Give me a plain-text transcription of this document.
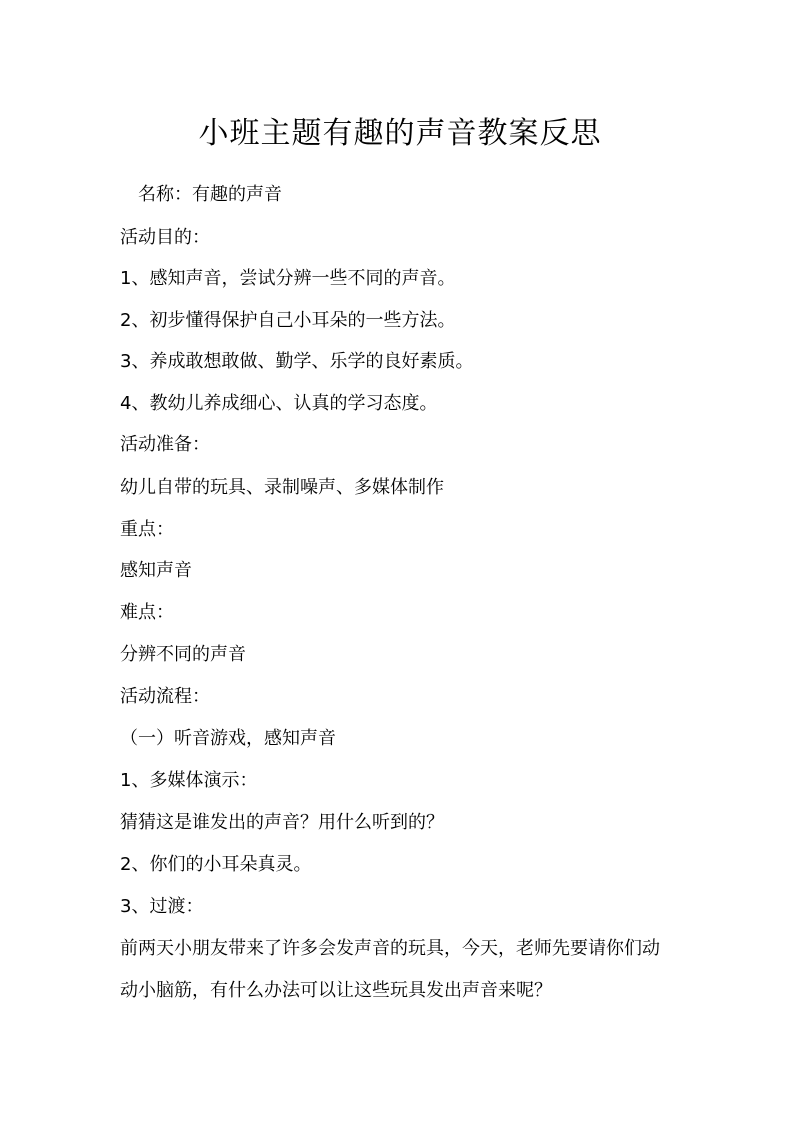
小班主题有趣的声音教案反思

　名称：有趣的声音

活动目的：

1、感知声音，尝试分辨一些不同的声音。

2、初步懂得保护自己小耳朵的一些方法。

3、养成敢想敢做、勤学、乐学的良好素质。

4、教幼儿养成细心、认真的学习态度。

活动准备：

幼儿自带的玩具、录制噪声、多媒体制作

重点：

感知声音

难点：

分辨不同的声音

活动流程：

（一）听音游戏，感知声音

1、多媒体演示：

猜猜这是谁发出的声音？用什么听到的？

2、你们的小耳朵真灵。

3、过渡：

前两天小朋友带来了许多会发声音的玩具，今天，老师先要请你们动

动小脑筋，有什么办法可以让这些玩具发出声音来呢？
